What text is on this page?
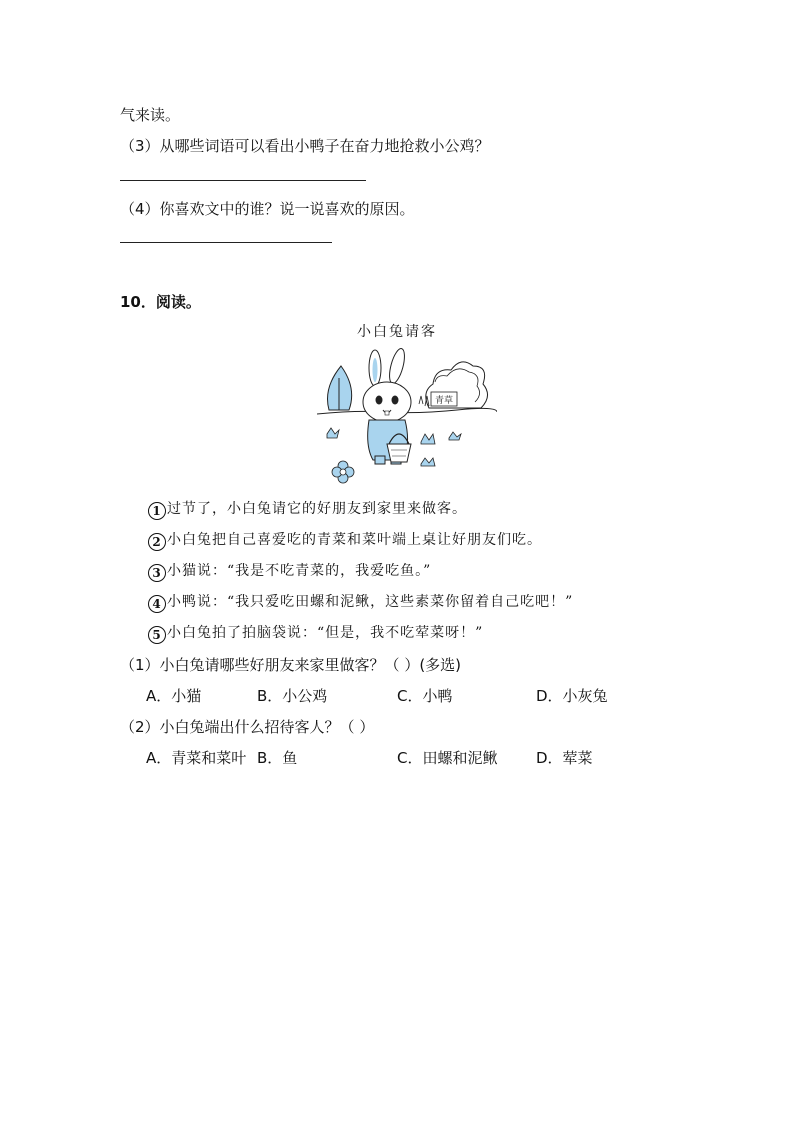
气来读。
（3）从哪些词语可以看出小鸭子在奋力地抢救小公鸡？
（4）你喜欢文中的谁？说一说喜欢的原因。
10．阅读。
小白兔请客
青草
1 过节了，小白兔请它的好朋友到家里来做客。
2 小白兔把自己喜爱吃的青菜和菜叶端上桌让好朋友们吃。
3 小猫说：“我是不吃青菜的，我爱吃鱼。”
4 小鸭说：“我只爱吃田螺和泥鳅，这些素菜你留着自己吃吧！”
5 小白兔拍了拍脑袋说：“但是，我不吃荤菜呀！”
（1）小白兔请哪些好朋友来家里做客？（ ）(多选)
A．小猫	B．小公鸡	C．小鸭	D．小灰兔
（2）小白兔端出什么招待客人？（ ）
A．青菜和菜叶 B．鱼	C．田螺和泥鳅	D．荤菜
